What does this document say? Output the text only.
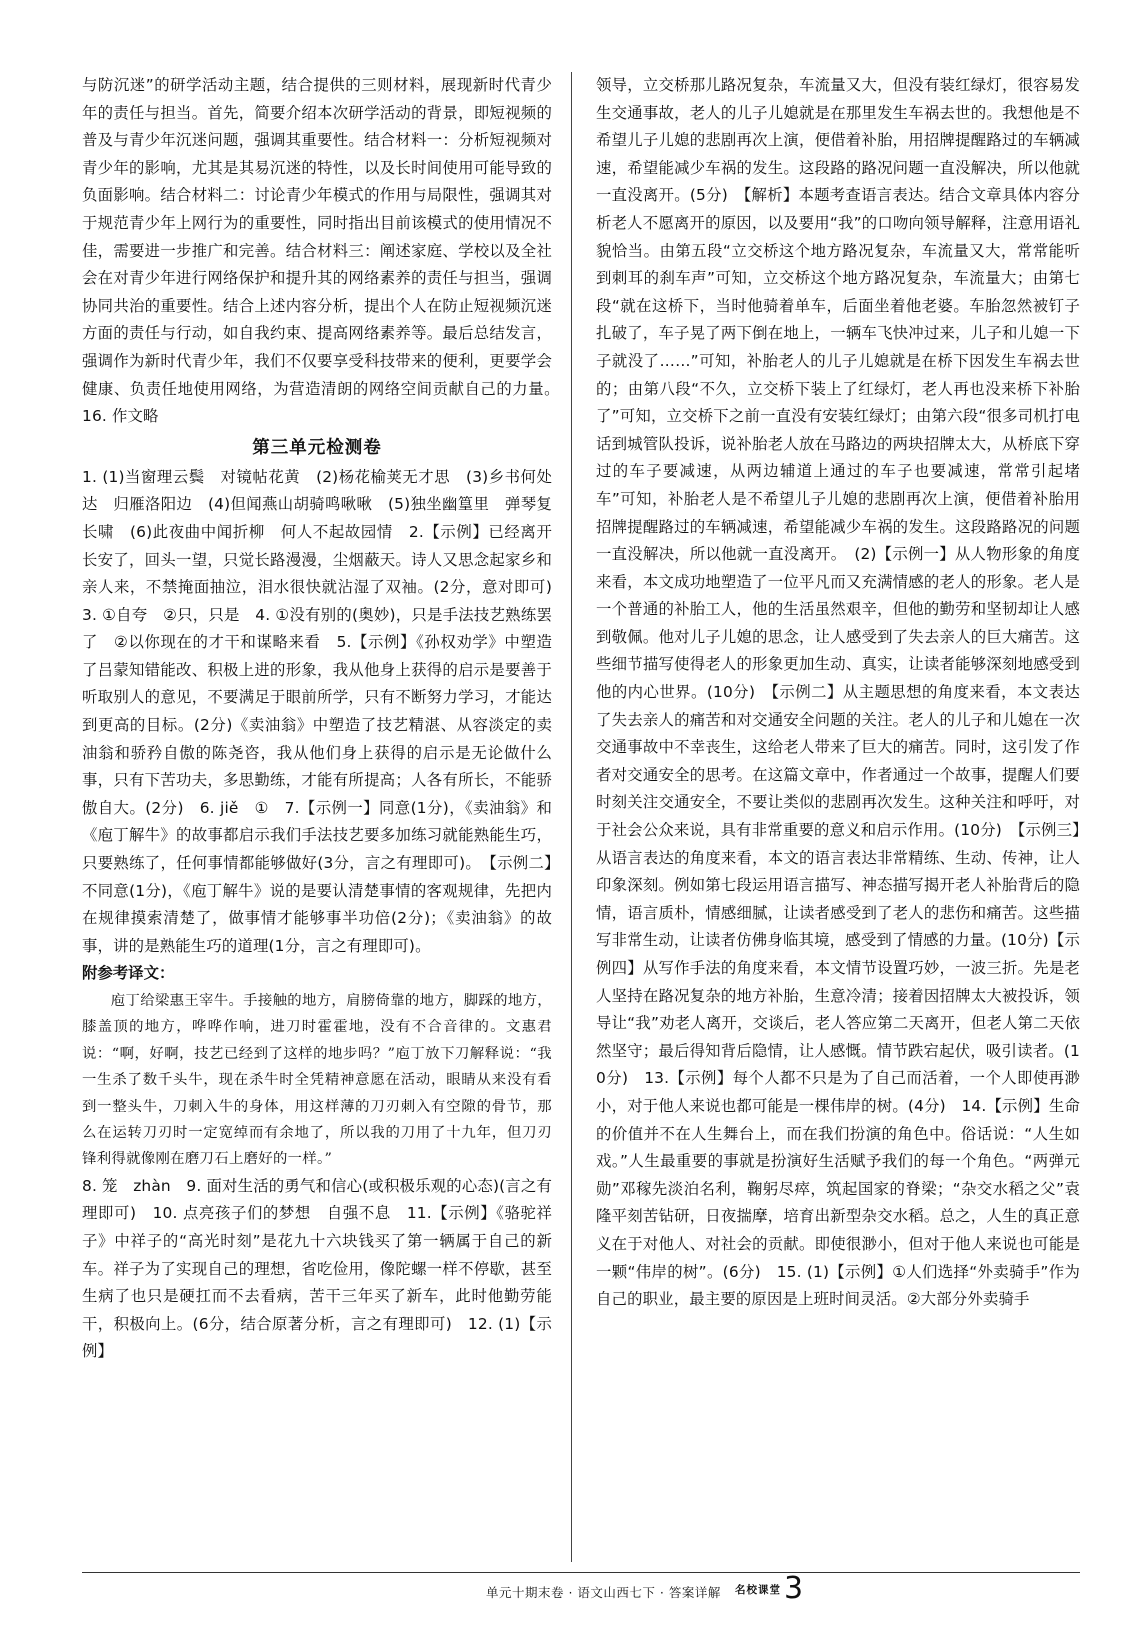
与防沉迷”的研学活动主题，结合提供的三则材料，展现新时代青少年的责任与担当。首先，简要介绍本次研学活动的背景，即短视频的普及与青少年沉迷问题，强调其重要性。结合材料一：分析短视频对青少年的影响，尤其是其易沉迷的特性，以及长时间使用可能导致的负面影响。结合材料二：讨论青少年模式的作用与局限性，强调其对于规范青少年上网行为的重要性，同时指出目前该模式的使用情况不佳，需要进一步推广和完善。结合材料三：阐述家庭、学校以及全社会在对青少年进行网络保护和提升其的网络素养的责任与担当，强调协同共治的重要性。结合上述内容分析，提出个人在防止短视频沉迷方面的责任与行动，如自我约束、提高网络素养等。最后总结发言，强调作为新时代青少年，我们不仅要享受科技带来的便利，更要学会健康、负责任地使用网络，为营造清朗的网络空间贡献自己的力量。　16. 作文略

第三单元检测卷

1. (1)当窗理云鬓　对镜帖花黄　(2)杨花榆荚无才思　(3)乡书何处达　归雁洛阳边　(4)但闻燕山胡骑鸣啾啾　(5)独坐幽篁里　弹琴复长啸　(6)此夜曲中闻折柳　何人不起故园情　2.【示例】已经离开长安了，回头一望，只觉长路漫漫，尘烟蔽天。诗人又思念起家乡和亲人来，不禁掩面抽泣，泪水很快就沾湿了双袖。(2分，意对即可)　3. ①自夸　②只，只是　4. ①没有别的(奥妙)，只是手法技艺熟练罢了　②以你现在的才干和谋略来看　5.【示例】《孙权劝学》中塑造了吕蒙知错能改、积极上进的形象，我从他身上获得的启示是要善于听取别人的意见，不要满足于眼前所学，只有不断努力学习，才能达到更高的目标。(2分)《卖油翁》中塑造了技艺精湛、从容淡定的卖油翁和骄矜自傲的陈尧咨，我从他们身上获得的启示是无论做什么事，只有下苦功夫，多思勤练，才能有所提高；人各有所长，不能骄傲自大。(2分)　6. jiě　①　7.【示例一】同意(1分)，《卖油翁》和《庖丁解牛》的故事都启示我们手法技艺要多加练习就能熟能生巧，只要熟练了，任何事情都能够做好(3分，言之有理即可)。　【示例二】不同意(1分)，《庖丁解牛》说的是要认清楚事情的客观规律，先把内在规律摸索清楚了，做事情才能够事半功倍(2分)；《卖油翁》的故事，讲的是熟能生巧的道理(1分，言之有理即可)。

附参考译文：

庖丁给梁惠王宰牛。手接触的地方，肩膀倚靠的地方，脚踩的地方，膝盖顶的地方，哗哗作响，进刀时霍霍地，没有不合音律的。文惠君说：“啊，好啊，技艺已经到了这样的地步吗？”庖丁放下刀解释说：“我一生杀了数千头牛，现在杀牛时全凭精神意愿在活动，眼睛从来没有看到一整头牛，刀刺入牛的身体，用这样薄的刀刃刺入有空隙的骨节，那么在运转刀刃时一定宽绰而有余地了，所以我的刀用了十九年，但刀刃锋利得就像刚在磨刀石上磨好的一样。”

8. 笼　zhàn　9. 面对生活的勇气和信心(或积极乐观的心态)(言之有理即可)　10. 点亮孩子们的梦想　自强不息　11.【示例】《骆驼祥子》中祥子的“高光时刻”是花九十六块钱买了第一辆属于自己的新车。祥子为了实现自己的理想，省吃俭用，像陀螺一样不停歇，甚至生病了也只是硬扛而不去看病，苦干三年买了新车，此时他勤劳能干，积极向上。(6分，结合原著分析，言之有理即可)　12. (1)【示例】

领导，立交桥那儿路况复杂，车流量又大，但没有装红绿灯，很容易发生交通事故，老人的儿子儿媳就是在那里发生车祸去世的。我想他是不希望儿子儿媳的悲剧再次上演，便借着补胎，用招牌提醒路过的车辆减速，希望能减少车祸的发生。这段路的路况问题一直没解决，所以他就一直没离开。(5分)　【解析】本题考查语言表达。结合文章具体内容分析老人不愿离开的原因，以及要用“我”的口吻向领导解释，注意用语礼貌恰当。由第五段“立交桥这个地方路况复杂，车流量又大，常常能听到刺耳的刹车声”可知，立交桥这个地方路况复杂，车流量大；由第七段“就在这桥下，当时他骑着单车，后面坐着他老婆。车胎忽然被钉子扎破了，车子晃了两下倒在地上，一辆车飞快冲过来，儿子和儿媳一下子就没了……”可知，补胎老人的儿子儿媳就是在桥下因发生车祸去世的；由第八段“不久，立交桥下装上了红绿灯，老人再也没来桥下补胎了”可知，立交桥下之前一直没有安装红绿灯；由第六段“很多司机打电话到城管队投诉，说补胎老人放在马路边的两块招牌太大，从桥底下穿过的车子要减速，从两边辅道上通过的车子也要减速，常常引起堵车”可知，补胎老人是不希望儿子儿媳的悲剧再次上演，便借着补胎用招牌提醒路过的车辆减速，希望能减少车祸的发生。这段路路况的问题一直没解决，所以他就一直没离开。　(2)【示例一】从人物形象的角度来看，本文成功地塑造了一位平凡而又充满情感的老人的形象。老人是一个普通的补胎工人，他的生活虽然艰辛，但他的勤劳和坚韧却让人感到敬佩。他对儿子儿媳的思念，让人感受到了失去亲人的巨大痛苦。这些细节描写使得老人的形象更加生动、真实，让读者能够深刻地感受到他的内心世界。(10分)　【示例二】从主题思想的角度来看，本文表达了失去亲人的痛苦和对交通安全问题的关注。老人的儿子和儿媳在一次交通事故中不幸丧生，这给老人带来了巨大的痛苦。同时，这引发了作者对交通安全的思考。在这篇文章中，作者通过一个故事，提醒人们要时刻关注交通安全，不要让类似的悲剧再次发生。这种关注和呼吁，对于社会公众来说，具有非常重要的意义和启示作用。(10分)　【示例三】从语言表达的角度来看，本文的语言表达非常精练、生动、传神，让人印象深刻。例如第七段运用语言描写、神态描写揭开老人补胎背后的隐情，语言质朴，情感细腻，让读者感受到了老人的悲伤和痛苦。这些描写非常生动，让读者仿佛身临其境，感受到了情感的力量。(10分)【示例四】从写作手法的角度来看，本文情节设置巧妙，一波三折。先是老人坚持在路况复杂的地方补胎，生意冷清；接着因招牌太大被投诉，领导让“我”劝老人离开，交谈后，老人答应第二天离开，但老人第二天依然坚守；最后得知背后隐情，让人感慨。情节跌宕起伏，吸引读者。(10分)　13.【示例】每个人都不只是为了自己而活着，一个人即使再渺小，对于他人来说也都可能是一棵伟岸的树。(4分)　14.【示例】生命的价值并不在人生舞台上，而在我们扮演的角色中。俗话说：“人生如戏。”人生最重要的事就是扮演好生活赋予我们的每一个角色。“两弹元勋”邓稼先淡泊名利，鞠躬尽瘁，筑起国家的脊梁；“杂交水稻之父”袁隆平刻苦钻研，日夜揣摩，培育出新型杂交水稻。总之，人生的真正意义在于对他人、对社会的贡献。即使很渺小，但对于他人来说也可能是一颗“伟岸的树”。(6分)　15. (1)【示例】①人们选择“外卖骑手”作为自己的职业，最主要的原因是上班时间灵活。②大部分外卖骑手

单元十期末卷 · 语文山西七下 · 答案详解 名校课堂 3
